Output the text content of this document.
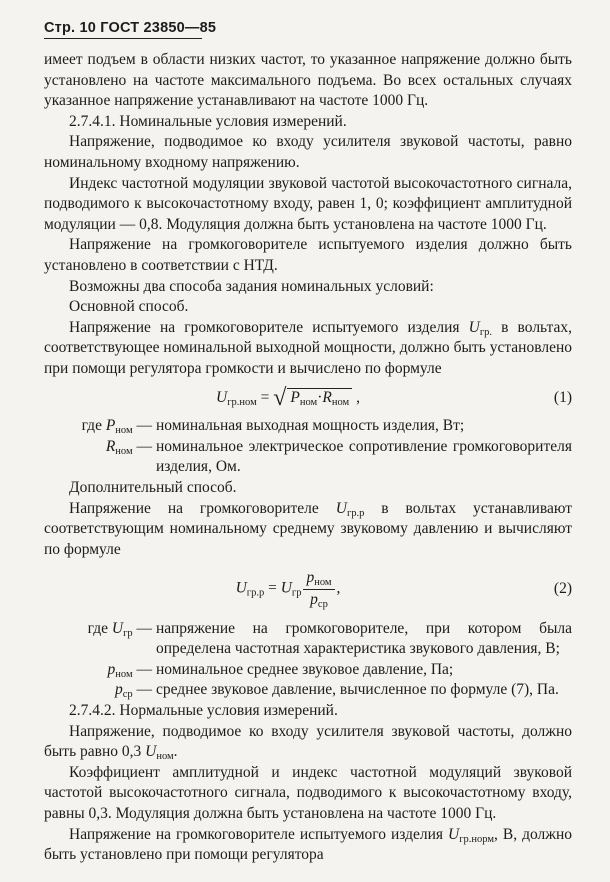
Стр. 10 ГОСТ 23850—85

имеет подъем в области низких частот, то указанное напряжение должно быть установлено на частоте максимального подъема. Во всех остальных случаях указанное напряжение устанавливают на частоте 1000 Гц.

2.7.4.1. Номинальные условия измерений.

Напряжение, подводимое ко входу усилителя звуковой частоты, равно номинальному входному напряжению.

Индекс частотной модуляции звуковой частотой высокочастотного сигнала, подводимого к высокочастотному входу, равен 1, 0; коэффициент амплитудной модуляции — 0,8. Модуляция должна быть установлена на частоте 1000 Гц.

Напряжение на громкоговорителе испытуемого изделия должно быть установлено в соответствии с НТД.

Возможны два способа задания номинальных условий:

Основной способ.

Напряжение на громкоговорителе испытуемого изделия $U_{гр.}$ в вольтах, соответствующее номинальной выходной мощности, должно быть установлено при помощи регулятора громкости и вычислено по формуле

$U_{гр.ном}$ = √ $P_{ном}\cdot R_{ном}$ ,	(1)
где $P_{ном}$ — номинальная выходная мощность изделия, Вт;
$R_{ном}$ — номинальное электрическое сопротивление громкоговорителя изделия, Ом.

Дополнительный способ.

Напряжение на громкоговорителе $U_{гр.р}$ в вольтах устанавливают соответствующим номинальному среднему звуковому давлению и вычисляют по формуле

$U_{гр.р} = U_{гр} \frac{p_{ном}}{p_{ср}}$ ,	(2)
где $U_{гр}$ — напряжение на громкоговорителе, при котором была определена частотная характеристика звукового давления, В;
$p_{ном}$ — номинальное среднее звуковое давление, Па;
$p_{ср}$ — среднее звуковое давление, вычисленное по формуле (7), Па.

2.7.4.2. Нормальные условия измерений.

Напряжение, подводимое ко входу усилителя звуковой частоты, должно быть равно 0,3 $U_{ном}$.

Коэффициент амплитудной и индекс частотной модуляций звуковой частотой высокочастотного сигнала, подводимого к высокочастотному входу, равны 0,3. Модуляция должна быть установлена на частоте 1000 Гц.

Напряжение на громкоговорителе испытуемого изделия $U_{гр.норм}$, В, должно быть установлено при помощи регулятора
